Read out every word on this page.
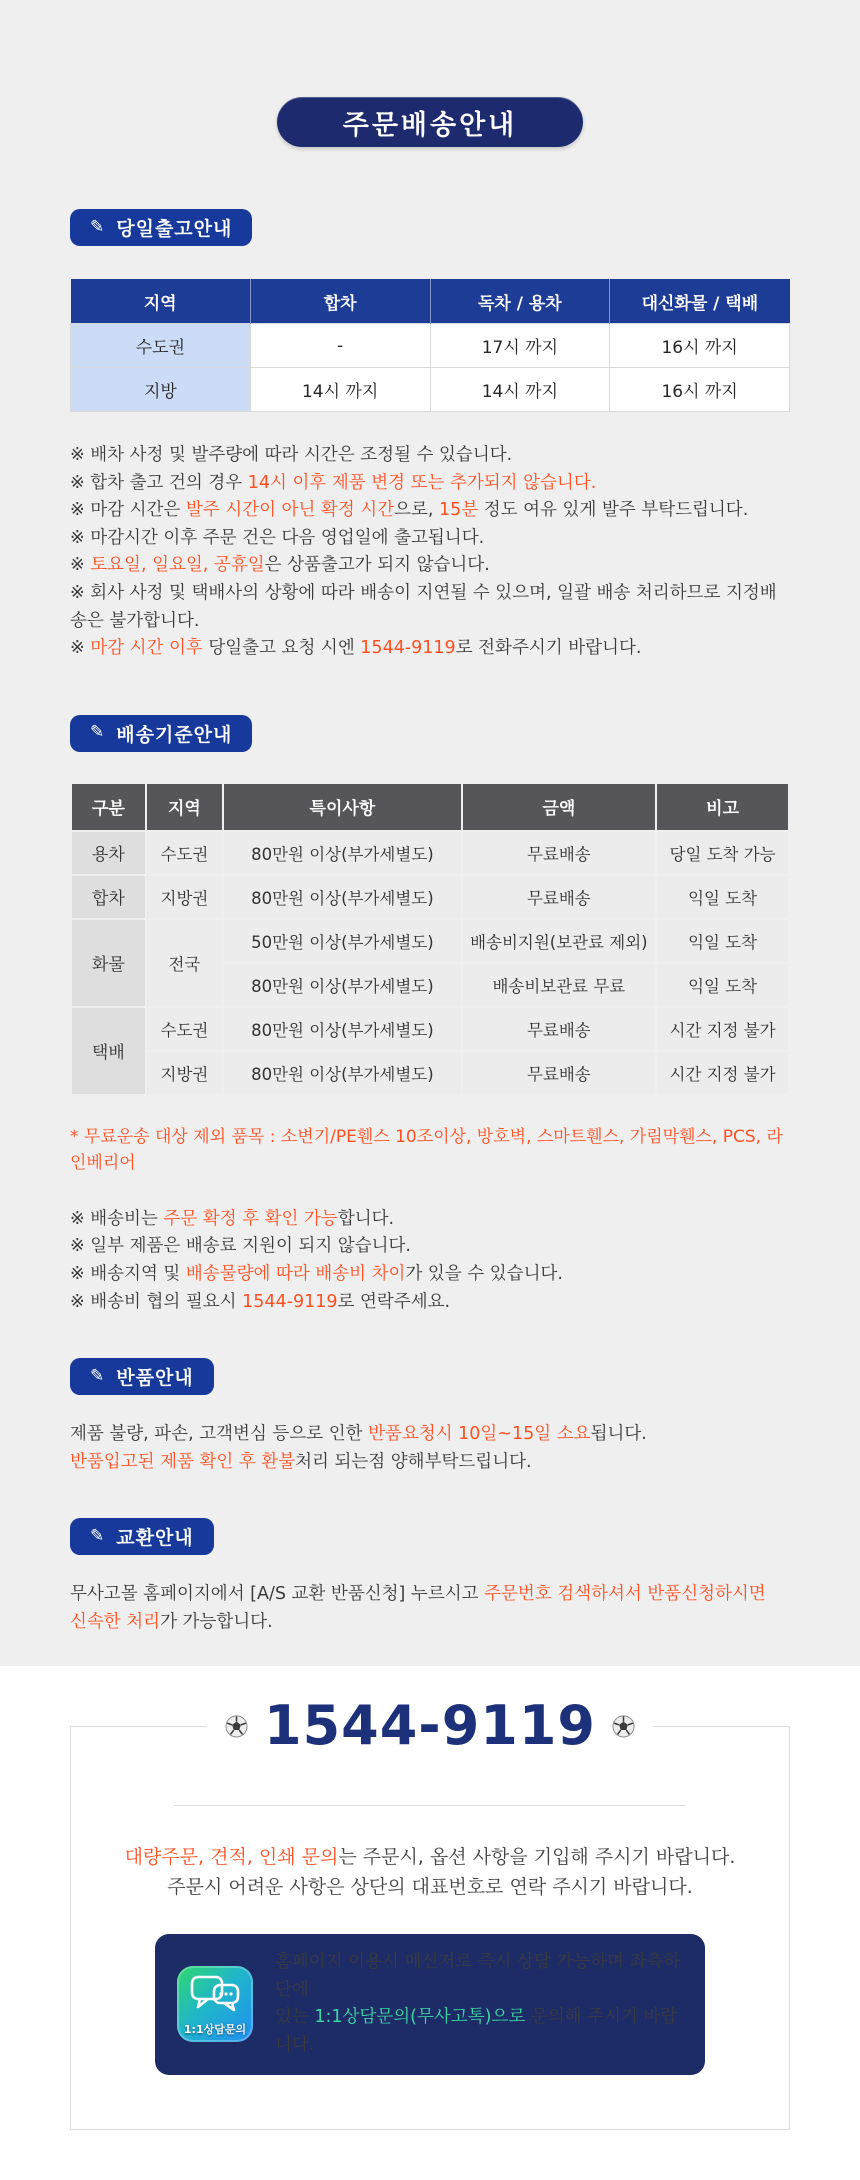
주문배송안내
✎ 당일출고안내
지역	합차	독차 / 용차	대신화물 / 택배
수도권	-	17시 까지	16시 까지
지방	14시 까지	14시 까지	16시 까지

※ 배차 사정 및 발주량에 따라 시간은 조정될 수 있습니다.

※ 합차 출고 건의 경우 14시 이후 제품 변경 또는 추가되지 않습니다.

※ 마감 시간은 발주 시간이 아닌 확정 시간으로, 15분 정도 여유 있게 발주 부탁드립니다.

※ 마감시간 이후 주문 건은 다음 영업일에 출고됩니다.

※ 토요일, 일요일, 공휴일은 상품출고가 되지 않습니다.

※ 회사 사정 및 택배사의 상황에 따라 배송이 지연될 수 있으며, 일괄 배송 처리하므로 지정배송은 불가합니다.

※ 마감 시간 이후 당일출고 요청 시엔 1544-9119로 전화주시기 바랍니다.

✎ 배송기준안내
구분	지역	특이사항	금액	비고
용차	수도권	80만원 이상(부가세별도)	무료배송	당일 도착 가능
합차	지방권	80만원 이상(부가세별도)	무료배송	익일 도착
화물	전국	50만원 이상(부가세별도)	배송비지원(보관료 제외)	익일 도착
		80만원 이상(부가세별도)	배송비보관료 무료	익일 도착
택배	수도권	80만원 이상(부가세별도)	무료배송	시간 지정 불가
	지방권	80만원 이상(부가세별도)	무료배송	시간 지정 불가

* 무료운송 대상 제외 품목 : 소변기/PE휀스 10조이상, 방호벽, 스마트휀스, 가림막휀스, PCS, 라인베리어

※ 배송비는 주문 확정 후 확인 가능합니다.

※ 일부 제품은 배송료 지원이 되지 않습니다.

※ 배송지역 및 배송물량에 따라 배송비 차이가 있을 수 있습니다.

※ 배송비 협의 필요시 1544-9119로 연락주세요.

✎ 반품안내

제품 불량, 파손, 고객변심 등으로 인한 반품요청시 10일~15일 소요됩니다.

반품입고된 제품 확인 후 환불처리 되는점 양해부탁드립니다.

✎ 교환안내

무사고몰 홈페이지에서 [A/S 교환 반품신청] 누르시고 주문번호 검색하셔서 반품신청하시면

신속한 처리가 가능합니다.

1544-9119

대량주문, 견적, 인쇄 문의는 주문시, 옵션 사항을 기입해 주시기 바랍니다.

주문시 어려운 사항은 상단의 대표번호로 연락 주시기 바랍니다.

1:1상담문의

홈페이지 이용시 메신저로 즉시 상담 가능하며 좌측하단에

있는 1:1상담문의(무사고톡)으로 문의해 주시기 바랍니다.
